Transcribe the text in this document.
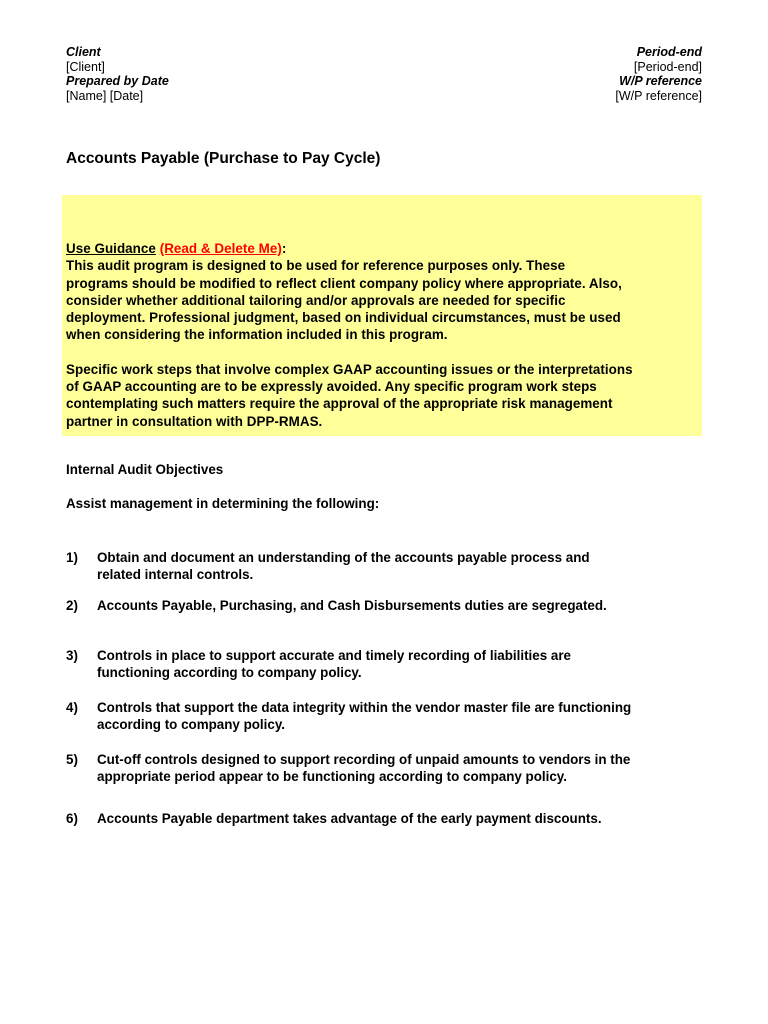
Client
[Client]
Prepared by Date
[Name] [Date]
Period-end
[Period-end]
W/P reference
[W/P reference]
Accounts Payable (Purchase to Pay Cycle)

Use Guidance (Read & Delete Me):
This audit program is designed to be used for reference purposes only. These
programs should be modified to reflect client company policy where appropriate. Also,
consider whether additional tailoring and/or approvals are needed for specific
deployment. Professional judgment, based on individual circumstances, must be used
when considering the information included in this program.

Specific work steps that involve complex GAAP accounting issues or the interpretations
of GAAP accounting are to be expressly avoided. Any specific program work steps
contemplating such matters require the approval of the appropriate risk management
partner in consultation with DPP-RMAS.

Internal Audit Objectives
Assist management in determining the following:
1) Obtain and document an understanding of the accounts payable process and
related internal controls.
2) Accounts Payable, Purchasing, and Cash Disbursements duties are segregated.
3) Controls in place to support accurate and timely recording of liabilities are
functioning according to company policy.
4) Controls that support the data integrity within the vendor master file are functioning
according to company policy.
5) Cut-off controls designed to support recording of unpaid amounts to vendors in the
appropriate period appear to be functioning according to company policy.
6) Accounts Payable department takes advantage of the early payment discounts.
